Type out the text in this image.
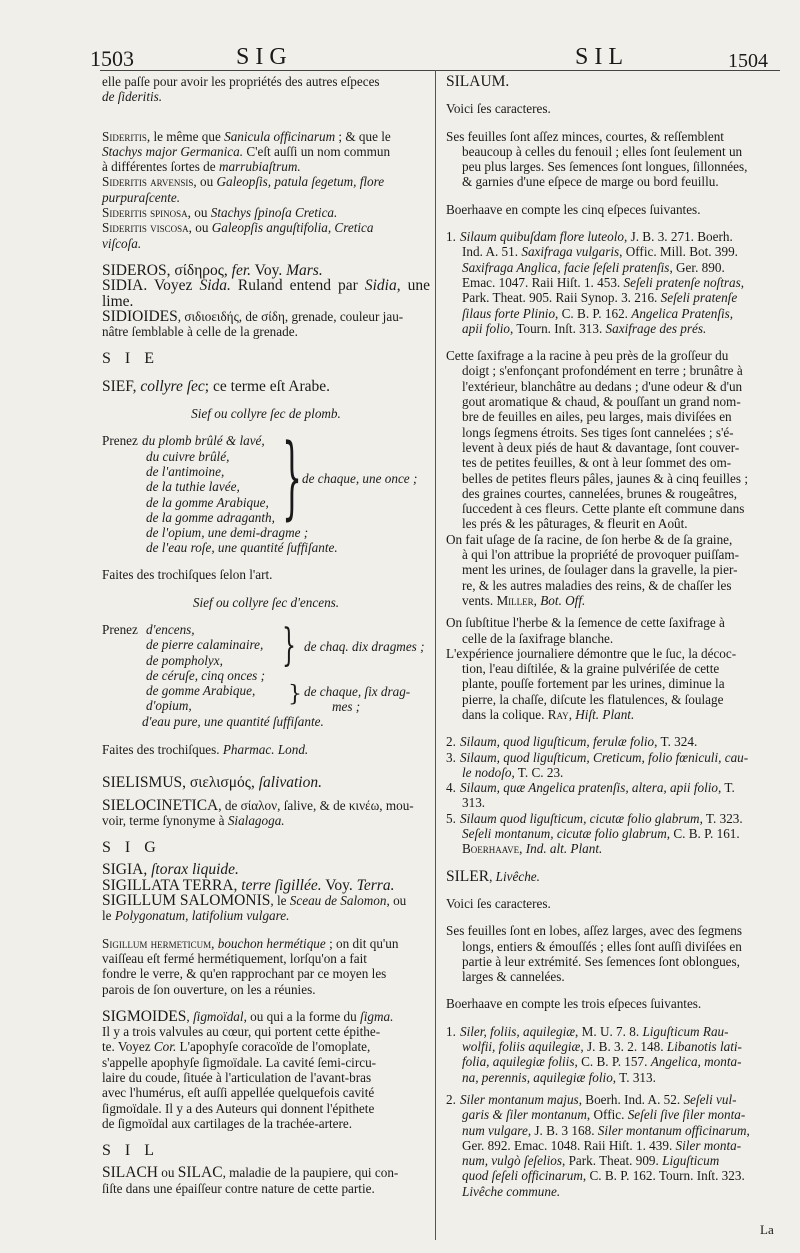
1503	SIG	SIL	1504

elle paſſe pour avoir les propriétés des autres eſpeces

de ſideritis.

Sideritis, le même que Sanicula officinarum ; & que le

Stachys major Germanica. C'eſt auſſi un nom commun

à différentes ſortes de marrubiaſtrum.

Sideritis arvensis, ou Galeopſis, patula ſegetum, flore

purpuraſcente.

Sideritis spinosa, ou Stachys ſpinoſa Cretica.

Sideritis viscosa, ou Galeopſis anguſtifolia, Cretica

viſcoſa.

SIDEROS, σίδηρος, fer. Voy. Mars.

SIDIA. Voyez Sida. Ruland entend par Sidia, une lime.

SIDIOIDES, σιδιοειδής, de σίδη, grenade, couleur jau-

nâtre ſemblable à celle de la grenade.

S I E

SIEF, collyre ſec; ce terme eſt Arabe.

Sief ou collyre ſec de plomb.

Prenez du plomb brûlé & lavé,
du cuivre brûlé,
de l'antimoine,
de la tuthie lavée,
de la gomme Arabique,
de la gomme adraganth,
de l'opium, une demi-dragme ;
de l'eau roſe, une quantité ſuffiſante.
} de chaque, une once ;

Faites des trochiſques ſelon l'art.

Sief ou collyre ſec d'encens.

Prenez d'encens,
de pierre calaminaire,
de pompholyx,
de céruſe, cinq onces ;
de gomme Arabique,
d'opium,
d'eau pure, une quantité ſuffiſante.
} de chaq. dix dragmes ;
} de chaque, ſix drag-
mes ;

Faites des trochiſques. Pharmac. Lond.

SIELISMUS, σιελισμός, ſalivation.

SIELOCINETICA, de σίαλον, ſalive, & de κινέω, mou-

voir, terme ſynonyme à Sialagoga.

S I G

SIGIA, ſtorax liquide.

SIGILLATA TERRA, terre ſigillée. Voy. Terra.

SIGILLUM SALOMONIS, le Sceau de Salomon, ou

le Polygonatum, latifolium vulgare.

Sigillum hermeticum, bouchon hermétique ; on dit qu'un

vaiſſeau eſt fermé hermétiquement, lorſqu'on a fait

fondre le verre, & qu'en rapprochant par ce moyen les

parois de ſon ouverture, on les a réunies.

SIGMOIDES, ſigmoïdal, ou qui a la forme du ſigma.

Il y a trois valvules au cœur, qui portent cette épithe-

te. Voyez Cor. L'apophyſe coracoïde de l'omoplate,

s'appelle apophyſe ſigmoïdale. La cavité ſemi-circu-

laire du coude, ſituée à l'articulation de l'avant-bras

avec l'humérus, eſt auſſi appellée quelquefois cavité

ſigmoïdale. Il y a des Auteurs qui donnent l'épithete

de ſigmoïdal aux cartilages de la trachée-artere.

S I L

SILACH ou SILAC, maladie de la paupiere, qui con-

ſiſte dans une épaiſſeur contre nature de cette partie.

SILAUM.

Voici ſes caracteres.

Ses feuilles ſont aſſez minces, courtes, & reſſemblent

beaucoup à celles du fenouil ; elles ſont ſeulement un

peu plus larges. Ses ſemences ſont longues, ſillonnées,

& garnies d'une eſpece de marge ou bord feuillu.

Boerhaave en compte les cinq eſpeces ſuivantes.

1. Silaum quibuſdam flore luteolo, J. B. 3. 271. Boerh.

Ind. A. 51. Saxifraga vulgaris, Offic. Mill. Bot. 399.

Saxifraga Anglica, facie ſeſeli pratenſis, Ger. 890.

Emac. 1047. Raii Hiſt. 1. 453. Seſeli pratenſe noſtras,

Park. Theat. 905. Raii Synop. 3. 216. Seſeli pratenſe

ſilaus forte Plinio, C. B. P. 162. Angelica Pratenſis,

apii folio, Tourn. Inſt. 313. Saxifrage des prés.

Cette ſaxifrage a la racine à peu près de la groſſeur du

doigt ; s'enfonçant profondément en terre ; brunâtre à

l'extérieur, blanchâtre au dedans ; d'une odeur & d'un

gout aromatique & chaud, & pouſſant un grand nom-

bre de feuilles en ailes, peu larges, mais diviſées en

longs ſegmens étroits. Ses tiges ſont cannelées ; s'é-

levent à deux piés de haut & davantage, ſont couver-

tes de petites feuilles, & ont à leur ſommet des om-

belles de petites fleurs pâles, jaunes & à cinq feuilles ;

des graines courtes, cannelées, brunes & rougeâtres,

ſuccedent à ces fleurs. Cette plante eſt commune dans

les prés & les pâturages, & fleurit en Août.

On fait uſage de ſa racine, de ſon herbe & de ſa graine,

à qui l'on attribue la propriété de provoquer puiſſam-

ment les urines, de ſoulager dans la gravelle, la pier-

re, & les autres maladies des reins, & de chaſſer les

vents. Miller, Bot. Off.

On ſubſtitue l'herbe & la ſemence de cette ſaxifrage à

celle de la ſaxifrage blanche.

L'expérience journaliere démontre que le ſuc, la décoc-

tion, l'eau diſtilée, & la graine pulvériſée de cette

plante, pouſſe fortement par les urines, diminue la

pierre, la chaſſe, diſcute les flatulences, & ſoulage

dans la colique. Ray, Hiſt. Plant.

2. Silaum, quod liguſticum, ferulæ folio, T. 324.

3. Silaum, quod liguſticum, Creticum, folio fœniculi, cau-

le nodoſo, T. C. 23.

4. Silaum, quæ Angelica pratenſis, altera, apii folio, T.

313.

5. Silaum quod liguſticum, cicutæ folio glabrum, T. 323.

Seſeli montanum, cicutæ folio glabrum, C. B. P. 161.

Boerhaave, Ind. alt. Plant.

SILER, Livêche.

Voici ſes caracteres.

Ses feuilles ſont en lobes, aſſez larges, avec des ſegmens

longs, entiers & émouſſés ; elles ſont auſſi diviſées en

partie à leur extrémité. Ses ſemences ſont oblongues,

larges & cannelées.

Boerhaave en compte les trois eſpeces ſuivantes.

1. Siler, foliis, aquilegiæ, M. U. 7. 8. Liguſticum Rau-

wolfii, foliis aquilegiæ, J. B. 3. 2. 148. Libanotis lati-

folia, aquilegiæ foliis, C. B. P. 157. Angelica, monta-

na, perennis, aquilegiæ folio, T. 313.

2. Siler montanum majus, Boerh. Ind. A. 52. Seſeli vul-

garis & ſiler montanum, Offic. Seſeli ſive ſiler monta-

num vulgare, J. B. 3 168. Siler montanum officinarum,

Ger. 892. Emac. 1048. Raii Hiſt. 1. 439. Siler monta-

num, vulgò ſeſelios, Park. Theat. 909. Liguſticum

quod ſeſeli officinarum, C. B. P. 162. Tourn. Inſt. 323.

Livêche commune.

La
